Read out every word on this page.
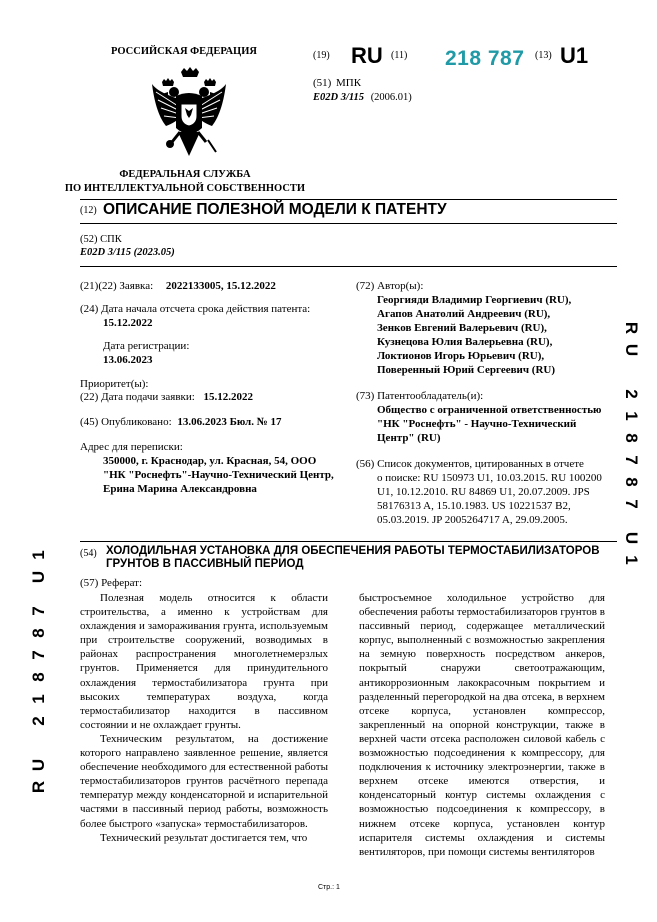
РОССИЙСКАЯ ФЕДЕРАЦИЯ
ФЕДЕРАЛЬНАЯ СЛУЖБА
ПО ИНТЕЛЛЕКТУАЛЬНОЙ СОБСТВЕННОСТИ
(19) RU (11) 218 787 (13) U1
(51) МПК
E02D 3/115 (2006.01)
(12) ОПИСАНИЕ ПОЛЕЗНОЙ МОДЕЛИ К ПАТЕНТУ
(52) СПК
E02D 3/115 (2023.05)
(21)(22) Заявка: 2022133005, 15.12.2022
(24) Дата начала отсчета срока действия патента:
15.12.2022
Дата регистрации:
13.06.2023
Приоритет(ы):
(22) Дата подачи заявки: 15.12.2022
(45) Опубликовано: 13.06.2023 Бюл. № 17
Адрес для переписки:
350000, г. Краснодар, ул. Красная, 54, ООО
"НК "Роснефть"-Научно-Технический Центр,
Ерина Марина Александровна
(72) Автор(ы):
Георгияди Владимир Георгиевич (RU),
Агапов Анатолий Андреевич (RU),
Зенков Евгений Валерьевич (RU),
Кузнецова Юлия Валерьевна (RU),
Локтионов Игорь Юрьевич (RU),
Поверенный Юрий Сергеевич (RU)
(73) Патентообладатель(и):
Общество с ограниченной ответственностью
"НК "Роснефть" - Научно-Технический
Центр" (RU)
(56) Список документов, цитированных в отчете
о поиске: RU 150973 U1, 10.03.2015. RU 100200
U1, 10.12.2010. RU 84869 U1, 20.07.2009. JPS
58176313 A, 15.10.1983. US 10221537 B2,
05.03.2019. JP 2005264717 A, 29.09.2005.
R
U
2
1
8
7
8
7
U
1
R
U
2
1
8
7
8
7
U
1	(54) ХОЛОДИЛЬНАЯ УСТАНОВКА ДЛЯ ОБЕСПЕЧЕНИЯ РАБОТЫ ТЕРМОСТАБИЛИЗАТОРОВ ГРУНТОВ В ПАССИВНЫЙ ПЕРИОД
(57) Реферат:

Полезная модель относится к области строительства, а именно к устройствам для охлаждения и замораживания грунта, используемым при строительстве сооружений, возводимых в районах распространения многолетнемерзлых грунтов. Применяется для принудительного охлаждения термостабилизатора грунта при высоких температурах воздуха, когда термостабилизатор находится в пассивном состоянии и не охлаждает грунты.

Техническим результатом, на достижение которого направлено заявленное решение, является обеспечение необходимого для естественной работы термостабилизаторов грунтов расчётного перепада температур между конденсаторной и испарительной частями в пассивный период работы, возможность более быстрого «запуска» термостабилизаторов.

Технический результат достигается тем, что

быстросъемное холодильное устройство для обеспечения работы термостабилизаторов грунтов в пассивный период, содержащее металлический корпус, выполненный с возможностью закрепления на земную поверхность посредством анкеров, покрытый снаружи светоотражающим, антикоррозионным лакокрасочным покрытием и разделенный перегородкой на два отсека, в верхнем отсеке корпуса, установлен компрессор, закрепленный на опорной конструкции, также в верхней части отсека расположен силовой кабель с возможностью подсоединения к компрессору, для подключения к источнику электроэнергии, также в верхнем отсеке имеются отверстия, и конденсаторный контур системы охлаждения с возможностью подсоединения к компрессору, в нижнем отсеке корпуса, установлен контур испарителя системы охлаждения и системы вентиляторов, при помощи системы вентиляторов
Стр.: 1
